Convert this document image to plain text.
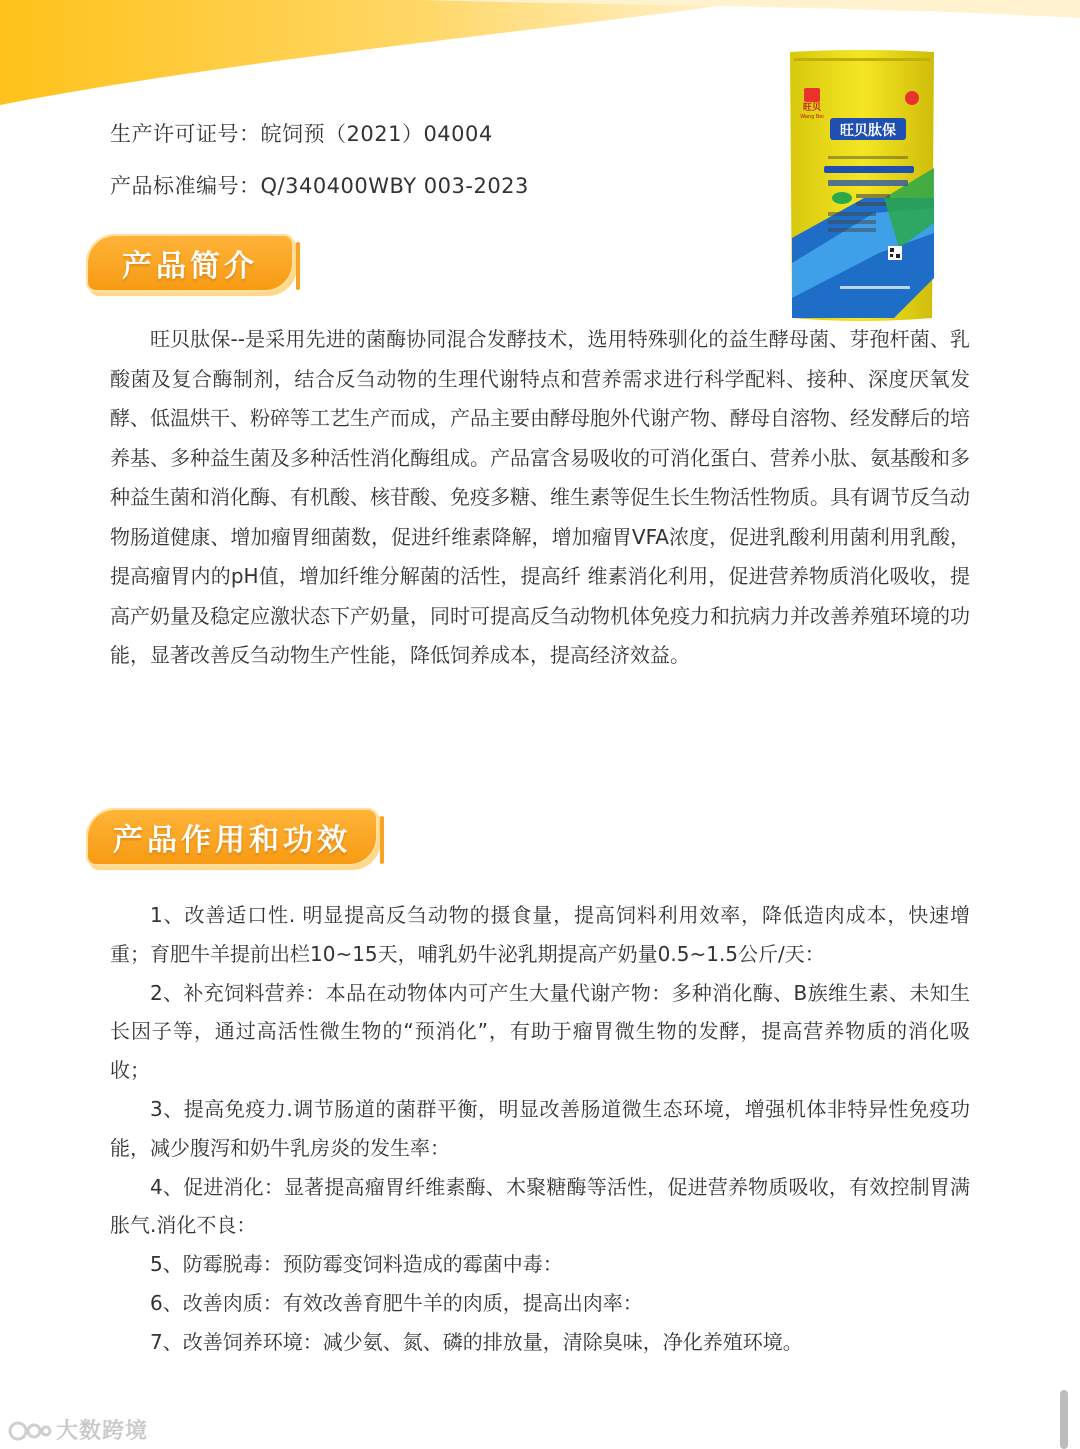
生产许可证号：皖饲预（2021）04004
产品标准编号：Q/340400WBY 003-2023
旺贝肽保
旺贝
Wang Bei
产品简介

旺贝肽保--是采用先进的菌酶协同混合发酵技术，选用特殊驯化的益生酵母菌、芽孢杆菌、乳酸菌及复合酶制剂，结合反刍动物的生理代谢特点和营养需求进行科学配料、接种、深度厌氧发酵、低温烘干、粉碎等工艺生产而成，产品主要由酵母胞外代谢产物、酵母自溶物、经发酵后的培养基、多种益生菌及多种活性消化酶组成。产品富含易吸收的可消化蛋白、营养小肽、氨基酸和多种益生菌和消化酶、有机酸、核苷酸、免疫多糖、维生素等促生长生物活性物质。具有调节反刍动物肠道健康、增加瘤胃细菌数，促进纤维素降解，增加瘤胃VFA浓度，促进乳酸利用菌利用乳酸，提高瘤胃内的pH值，增加纤维分解菌的活性，提高纤 维素消化利用，促进营养物质消化吸收，提高产奶量及稳定应激状态下产奶量，同时可提高反刍动物机体免疫力和抗病力并改善养殖环境的功能，显著改善反刍动物生产性能，降低饲养成本，提高经济效益。

产品作用和功效
1、改善适口性. 明显提高反刍动物的摄食量，提高饲料利用效率，降低造肉成本，快速增重；育肥牛羊提前出栏10~15天，哺乳奶牛泌乳期提高产奶量0.5~1.5公斤/天：
2、补充饲料营养：本品在动物体内可产生大量代谢产物：多种消化酶、B族维生素、未知生长因子等，通过高活性微生物的“预消化”，有助于瘤胃微生物的发酵，提高营养物质的消化吸收；
3、提高免疫力.调节肠道的菌群平衡，明显改善肠道微生态环境，增强机体非特异性免疫功能，减少腹泻和奶牛乳房炎的发生率：
4、促进消化：显著提高瘤胃纤维素酶、木聚糖酶等活性，促进营养物质吸收，有效控制胃满胀气.消化不良：
5、防霉脱毒：预防霉变饲料造成的霉菌中毒：
6、改善肉质：有效改善育肥牛羊的肉质，提高出肉率：
7、改善饲养环境：减少氨、氮、磷的排放量，清除臭味，净化养殖环境。
大数跨境
